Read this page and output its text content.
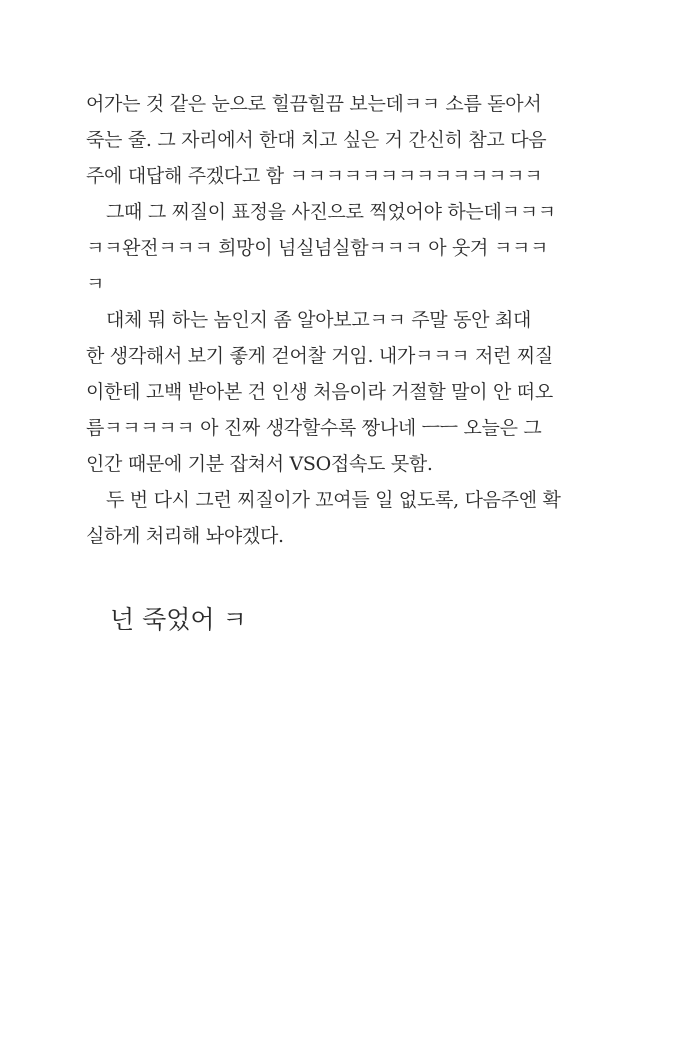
어가는 것 같은 눈으로 힐끔힐끔 보는데ㅋㅋ 소름 돋아서
죽는 줄. 그 자리에서 한대 치고 싶은 거 간신히 참고 다음
주에 대답해 주겠다고 함 ㅋㅋㅋㅋㅋㅋㅋㅋㅋㅋㅋㅋㅋㅋ
그때 그 찌질이 표정을 사진으로 찍었어야 하는데ㅋㅋㅋ
ㅋㅋ완전ㅋㅋㅋ 희망이 넘실넘실함ㅋㅋㅋ 아 웃겨 ㅋㅋㅋ
ㅋ
대체 뭐 하는 놈인지 좀 알아보고ㅋㅋ 주말 동안 최대
한 생각해서 보기 좋게 걷어찰 거임. 내가ㅋㅋㅋ 저런 찌질
이한테 고백 받아본 건 인생 처음이라 거절할 말이 안 떠오
름ㅋㅋㅋㅋㅋ 아 진짜 생각할수록 짱나네 ㅡㅡ 오늘은 그
인간 때문에 기분 잡쳐서 VSO접속도 못함.
두 번 다시 그런 찌질이가 꼬여들 일 없도록, 다음주엔 확
실하게 처리해 놔야겠다.
넌 죽었어 ㅋ
